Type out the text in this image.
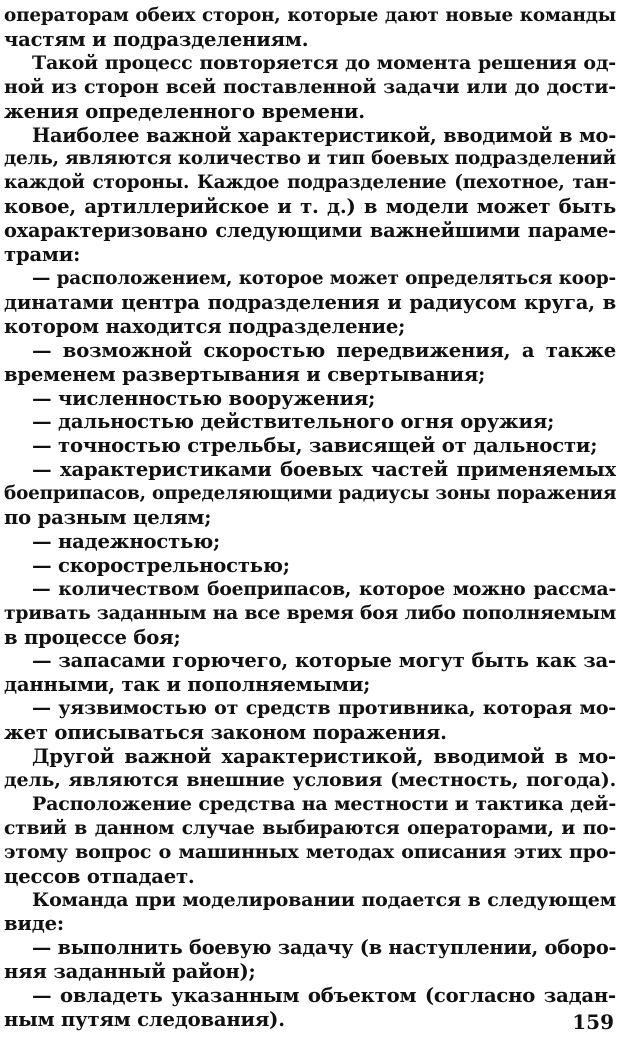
операторам обеих сторон, которые дают новые команды
частям и подразделениям.
Такой процесс повторяется до момента решения од-
ной из сторон всей поставленной задачи или до дости-
жения определенного времени.
Наиболее важной характеристикой, вводимой в мо-
дель, являются количество и тип боевых подразделений
каждой стороны. Каждое подразделение (пехотное, тан-
ковое, артиллерийское и т. д.) в модели может быть
охарактеризовано следующими важнейшими параме-
трами:
— расположением, которое может определяться коор-
динатами центра подразделения и радиусом круга, в
котором находится подразделение;
— возможной скоростью передвижения, а также
временем развертывания и свертывания;
— численностью вооружения;
— дальностью действительного огня оружия;
— точностью стрельбы, зависящей от дальности;
— характеристиками боевых частей применяемых
боеприпасов, определяющими радиусы зоны поражения
по разным целям;
— надежностью;
— скорострельностью;
— количеством боеприпасов, которое можно рассма-
тривать заданным на все время боя либо пополняемым
в процессе боя;
— запасами горючего, которые могут быть как за-
данными, так и пополняемыми;
— уязвимостью от средств противника, которая мо-
жет описываться законом поражения.
Другой важной характеристикой, вводимой в мо-
дель, являются внешние условия (местность, погода).
Расположение средства на местности и тактика дей-
ствий в данном случае выбираются операторами, и по-
этому вопрос о машинных методах описания этих про-
цессов отпадает.
Команда при моделировании подается в следующем
виде:
— выполнить боевую задачу (в наступлении, оборо-
няя заданный район);
— овладеть указанным объектом (согласно задан-
ным путям следования).	159
